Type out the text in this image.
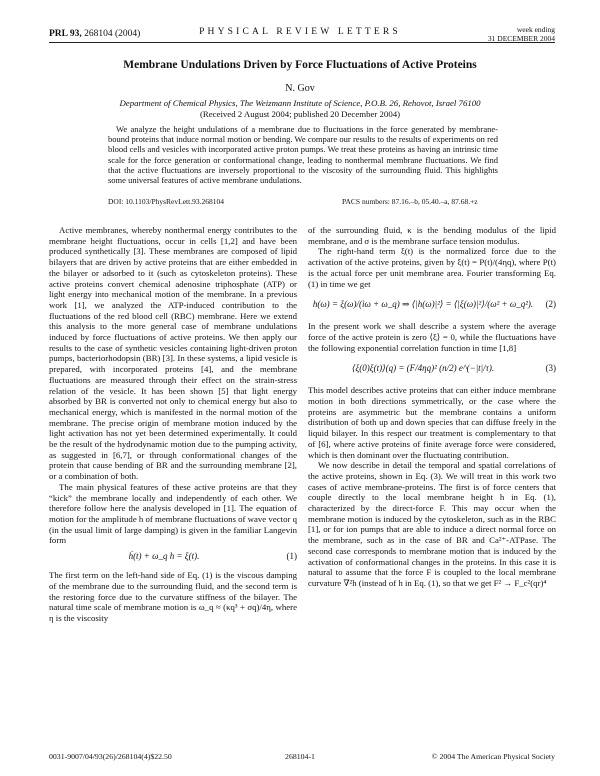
PRL 93, 268104 (2004)	PHYSICAL REVIEW LETTERS	week ending
31 DECEMBER 2004
Membrane Undulations Driven by Force Fluctuations of Active Proteins
N. Gov
Department of Chemical Physics, The Weizmann Institute of Science, P.O.B. 26, Rehovot, Israel 76100
(Received 2 August 2004; published 20 December 2004)
We analyze the height undulations of a membrane due to fluctuations in the force generated by membrane-bound proteins that induce normal motion or bending. We compare our results to the results of experiments on red blood cells and vesicles with incorporated active proton pumps. We treat these proteins as having an intrinsic time scale for the force generation or conformational change, leading to nonthermal membrane fluctuations. We find that the active fluctuations are inversely proportional to the viscosity of the surrounding fluid. This highlights some universal features of active membrane undulations.
DOI: 10.1103/PhysRevLett.93.268104	PACS numbers: 87.16.–b, 05.40.–a, 87.68.+z

Active membranes, whereby nonthermal energy contributes to the membrane height fluctuations, occur in cells [1,2] and have been produced synthetically [3]. These membranes are composed of lipid bilayers that are driven by active proteins that are either embedded in the bilayer or adsorbed to it (such as cytoskeleton proteins). These active proteins convert chemical adenosine triphosphate (ATP) or light energy into mechanical motion of the membrane. In a previous work [1], we analyzed the ATP-induced contribution to the fluctuations of the red blood cell (RBC) membrane. Here we extend this analysis to the more general case of membrane undulations induced by force fluctuations of active proteins. We then apply our results to the case of synthetic vesicles containing light-driven proton pumps, bacteriorhodopsin (BR) [3]. In these systems, a lipid vesicle is prepared, with incorporated proteins [4], and the membrane fluctuations are measured through their effect on the strain-stress relation of the vesicle. It has been shown [5] that light energy absorbed by BR is converted not only to chemical energy but also to mechanical energy, which is manifested in the normal motion of the membrane. The precise origin of membrane motion induced by the light activation has not yet been determined experimentally. It could be the result of the hydrodynamic motion due to the pumping activity, as suggested in [6,7], or through conformational changes of the protein that cause bending of BR and the surrounding membrane [2], or a combination of both.

The main physical features of these active proteins are that they “kick” the membrane locally and independently of each other. We therefore follow here the analysis developed in [1]. The equation of motion for the amplitude h of membrane fluctuations of wave vector q (in the usual limit of large damping) is given in the familiar Langevin form

ḣ(t) + ω_q h = ξ(t).	(1)

The first term on the left-hand side of Eq. (1) is the viscous damping of the membrane due to the surrounding fluid, and the second term is the restoring force due to the curvature stiffness of the bilayer. The natural time scale of membrane motion is ω_q ≈ (κq³ + σq)/4η, where η is the viscosity

of the surrounding fluid, κ is the bending modulus of the lipid membrane, and σ is the membrane surface tension modulus.

The right-hand term ξ(t) is the normalized force due to the activation of the active proteins, given by ξ(t) = P(t)/(4ηq), where P(t) is the actual force per unit membrane area. Fourier transforming Eq. (1) in time we get

h(ω) = ξ(ω)/(iω + ω_q) ⇒ ⟨|h(ω)|²⟩ = ⟨|ξ(ω)|²⟩/(ω² + ω_q²).	(2)

In the present work we shall describe a system where the average force of the active protein is zero ⟨ξ⟩ = 0, while the fluctuations have the following exponential correlation function in time [1,8]

⟨ξ(0)ξ(t)⟩(q) = (F/4ηq)² (n/2) e^(−|t|/τ).	(3)

This model describes active proteins that can either induce membrane motion in both directions symmetrically, or the case where the proteins are asymmetric but the membrane contains a uniform distribution of both up and down species that can diffuse freely in the liquid bilayer. In this respect our treatment is complementary to that of [6], where active proteins of finite average force were considered, which is then dominant over the fluctuating contribution.

We now describe in detail the temporal and spatial correlations of the active proteins, shown in Eq. (3). We will treat in this work two cases of active membrane-proteins. The first is of force centers that couple directly to the local membrane height h in Eq. (1), characterized by the direct-force F. This may occur when the membrane motion is induced by the cytoskeleton, such as in the RBC [1], or for ion pumps that are able to induce a direct normal force on the membrane, such as in the case of BR and Ca²⁺-ATPase. The second case corresponds to membrane motion that is induced by the activation of conformational changes in the proteins. In this case it is natural to assume that the force F is coupled to the local membrane curvature ∇²h (instead of h in Eq. (1), so that we get F² → F_c²(qr)⁴

0031-9007/04/93(26)/268104(4)$22.50	268104-1	© 2004 The American Physical Society
